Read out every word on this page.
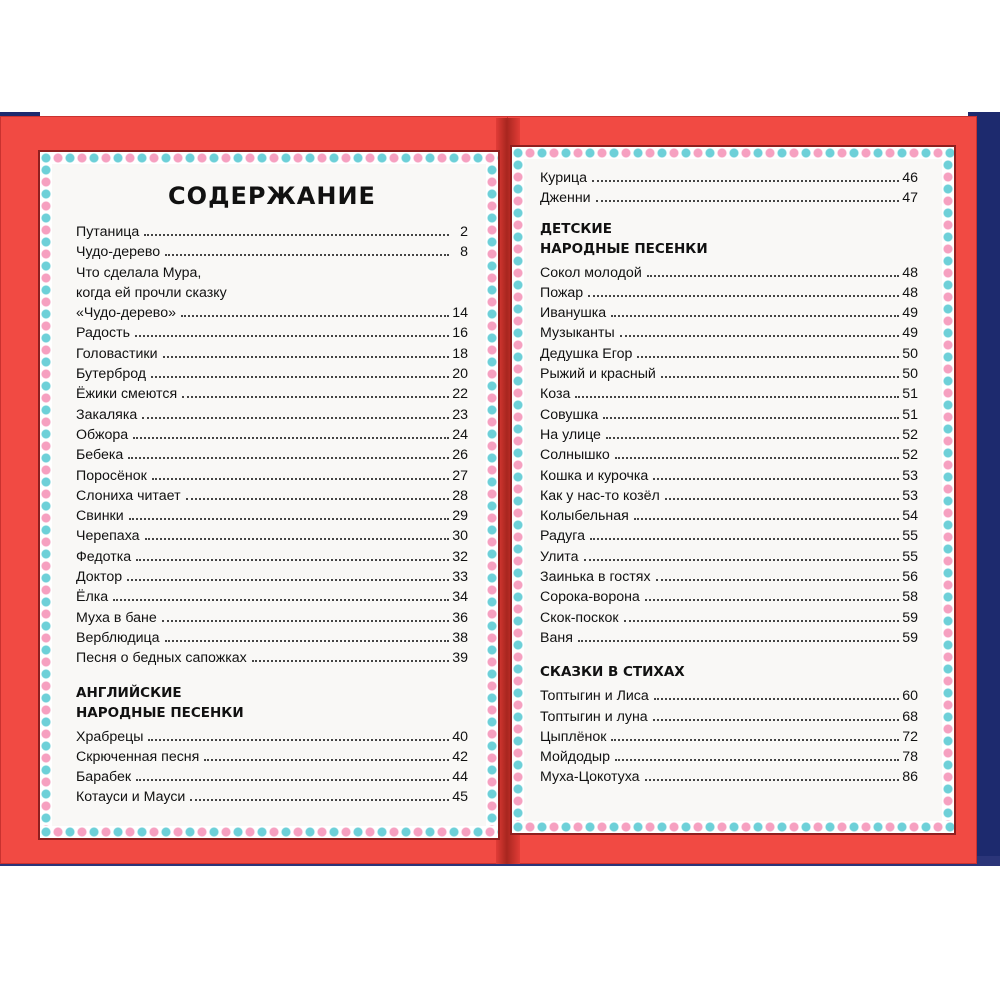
СОДЕРЖАНИЕ
Путаница	2
Чудо-дерево	8
Что сделала Мура,
когда ей прочли сказку
«Чудо-дерево»	14
Радость	16
Головастики	18
Бутерброд	20
Ёжики смеются	22
Закаляка	23
Обжора	24
Бебека	26
Поросёнок	27
Слониха читает	28
Свинки	29
Черепаха	30
Федотка	32
Доктор	33
Ёлка	34
Муха в бане	36
Верблюдица	38
Песня о бедных сапожках	39
АНГЛИЙСКИЕ
НАРОДНЫЕ ПЕСЕНКИ
Храбрецы	40
Скрюченная песня	42
Барабек	44
Котауси и Мауси	45
Курица	46
Дженни	47
ДЕТСКИЕ
НАРОДНЫЕ ПЕСЕНКИ
Сокол молодой	48
Пожар	48
Иванушка	49
Музыканты	49
Дедушка Егор	50
Рыжий и красный	50
Коза	51
Совушка	51
На улице	52
Солнышко	52
Кошка и курочка	53
Как у нас-то козёл	53
Колыбельная	54
Радуга	55
Улита	55
Заинька в гостях	56
Сорока-ворона	58
Скок-поскок	59
Ваня	59
СКАЗКИ В СТИХАХ
Топтыгин и Лиса	60
Топтыгин и луна	68
Цыплёнок	72
Мойдодыр	78
Муха-Цокотуха	86
